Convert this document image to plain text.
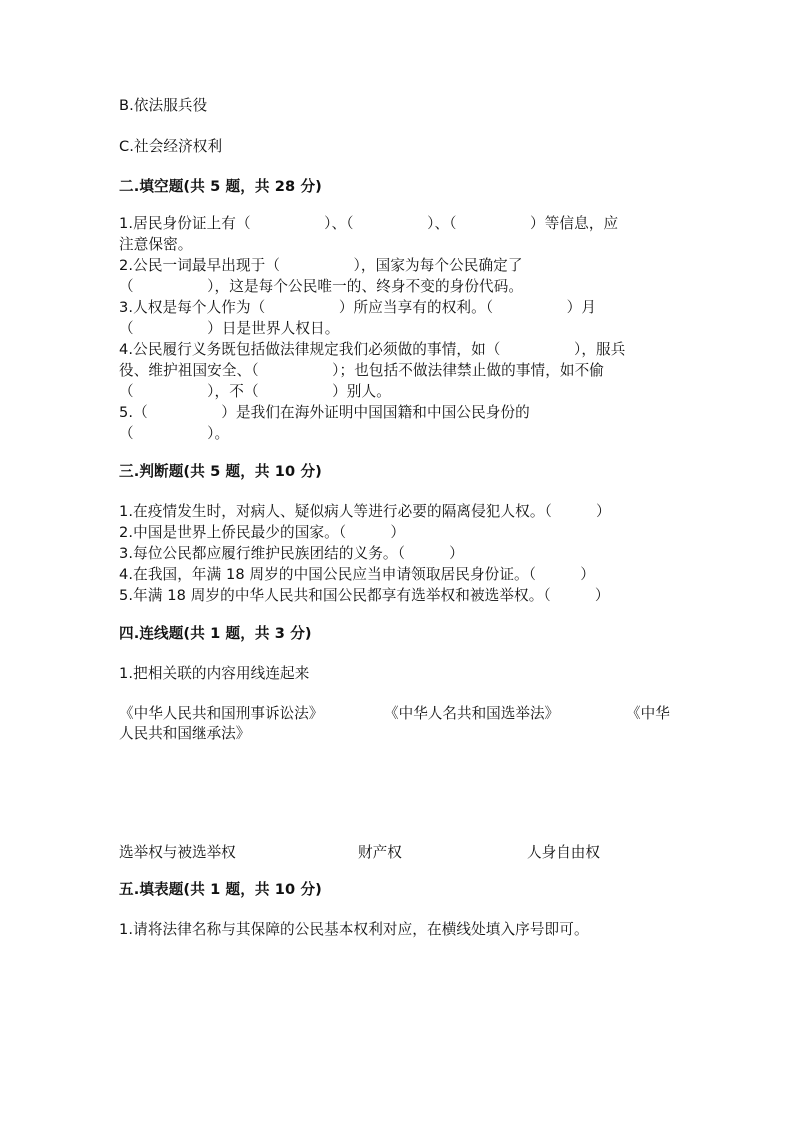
B.依法服兵役
C.社会经济权利
二.填空题(共 5 题，共 28 分)
1.居民身份证上有（　　　　　）、（　　　　　）、（　　　　　）等信息，应
注意保密。
2.公民一词最早出现于（　　　　　），国家为每个公民确定了
（　　　　　），这是每个公民唯一的、终身不变的身份代码。
3.人权是每个人作为（　　　　　）所应当享有的权利。（　　　　　）月
（　　　　　）日是世界人权日。
4.公民履行义务既包括做法律规定我们必须做的事情，如（　　　　　），服兵
役、维护祖国安全、（　　　　　）；也包括不做法律禁止做的事情，如不偷
（　　　　　），不（　　　　　）别人。
5.（　　　　　）是我们在海外证明中国国籍和中国公民身份的
（　　　　　）。
三.判断题(共 5 题，共 10 分)
1.在疫情发生时，对病人、疑似病人等进行必要的隔离侵犯人权。（　　　）
2.中国是世界上侨民最少的国家。（　　　）
3.每位公民都应履行维护民族团结的义务。（　　　）
4.在我国，年满 18 周岁的中国公民应当申请领取居民身份证。（　　　）
5.年满 18 周岁的中华人民共和国公民都享有选举权和被选举权。（　　　）
四.连线题(共 1 题，共 3 分)
1.把相关联的内容用线连起来
《中华人民共和国刑事诉讼法》	《中华人名共和国选举法》	《中华
人民共和国继承法》
选举权与被选举权	财产权	人身自由权
五.填表题(共 1 题，共 10 分)
1.请将法律名称与其保障的公民基本权利对应，在横线处填入序号即可。
